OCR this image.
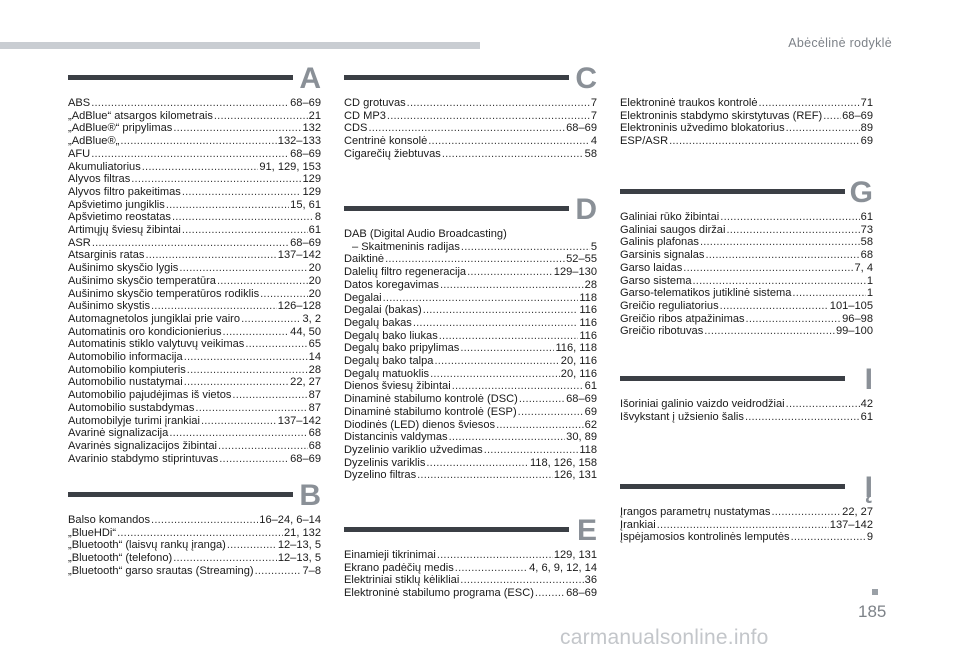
Abėcėlinė rodyklė
A
ABS .....	68–69
„AdBlue“ atsargos kilometrais .....	21
„AdBlue®“ pripylimas .....	132
„AdBlue®„ .....	132–133
AFU .....	68–69
Akumuliatorius .....	91, 129, 153
Alyvos filtras .....	129
Alyvos filtro pakeitimas .....	129
Apšvietimo jungiklis .....	15, 61
Apšvietimo reostatas .....	8
Artimųjų šviesų žibintai .....	61
ASR .....	68–69
Atsarginis ratas .....	137–142
Aušinimo skysčio lygis .....	20
Aušinimo skysčio temperatūra .....	20
Aušinimo skysčio temperatūros rodiklis .....	20
Aušinimo skystis .....	126–128
Automagnetolos jungiklai prie vairo .....	3, 2
Automatinis oro kondicionierius .....	44, 50
Automatinis stiklo valytuvų veikimas .....	65
Automobilio informacija .....	14
Automobilio kompiuteris .....	28
Automobilio nustatymai .....	22, 27
Automobilio pajudėjimas iš vietos .....	87
Automobilio sustabdymas .....	87
Automobilyje turimi įrankiai .....	137–142
Avarinė signalizacija .....	68
Avarinės signalizacijos žibintai .....	68
Avarinio stabdymo stiprintuvas .....	68–69
B
Balso komandos .....	16–24, 6–14
„BlueHDi“ .....	21, 132
„Bluetooth“ (laisvų rankų įranga) .....	12–13, 5
„Bluetooth“ (telefono) .....	12–13, 5
„Bluetooth“ garso srautas (Streaming) .....	7–8
C
CD grotuvas .....	7
CD MP3 .....	7
CDS .....	68–69
Centrinė konsolė .....	4
Cigarečių žiebtuvas .....	58
D
DAB (Digital Audio Broadcasting)
– Skaitmeninis radijas .....	5
Daiktinė .....	52–55
Dalelių filtro regeneracija .....	129–130
Datos koregavimas .....	28
Degalai .....	118
Degalai (bakas) .....	116
Degalų bakas .....	116
Degalų bako liukas .....	116
Degalų bako pripylimas .....	116, 118
Degalų bako talpa .....	20, 116
Degalų matuoklis .....	20, 116
Dienos šviesų žibintai .....	61
Dinaminė stabilumo kontrolė (DSC) .....	68–69
Dinaminė stabilumo kontrolė (ESP) .....	69
Diodinės (LED) dienos šviesos .....	62
Distancinis valdymas .....	30, 89
Dyzelinio variklio užvedimas .....	118
Dyzelinis variklis .....	118, 126, 158
Dyzelino filtras .....	126, 131
E
Einamieji tikrinimai .....	129, 131
Ekrano padėčių medis .....	4, 6, 9, 12, 14
Elektriniai stiklų kėlikliai .....	36
Elektroninė stabilumo programa (ESC) .....	68–69
Elektroninė traukos kontrolė .....	71
Elektroninis stabdymo skirstytuvas (REF) ..... 68–69
Elektroninis užvedimo blokatorius .....	89
ESP/ASR .....	69
G
Galiniai rūko žibintai .....	61
Galiniai saugos diržai .....	73
Galinis plafonas .....	58
Garsinis signalas .....	68
Garso laidas .....	7, 4
Garso sistema .....	1
Garso-telematikos jutiklinė sistema .....	1
Greičio reguliatorius .....	101–105
Greičio ribos atpažinimas .....	96–98
Greičio ribotuvas .....	99–100
I
Išoriniai galinio vaizdo veidrodžiai .....	42
Išvykstant į užsienio šalis .....	61
Į
Įrangos parametrų nustatymas .....	22, 27
Įrankiai .....	137–142
Įspėjamosios kontrolinės lemputės .....	9
185
carmanualsonline.info
